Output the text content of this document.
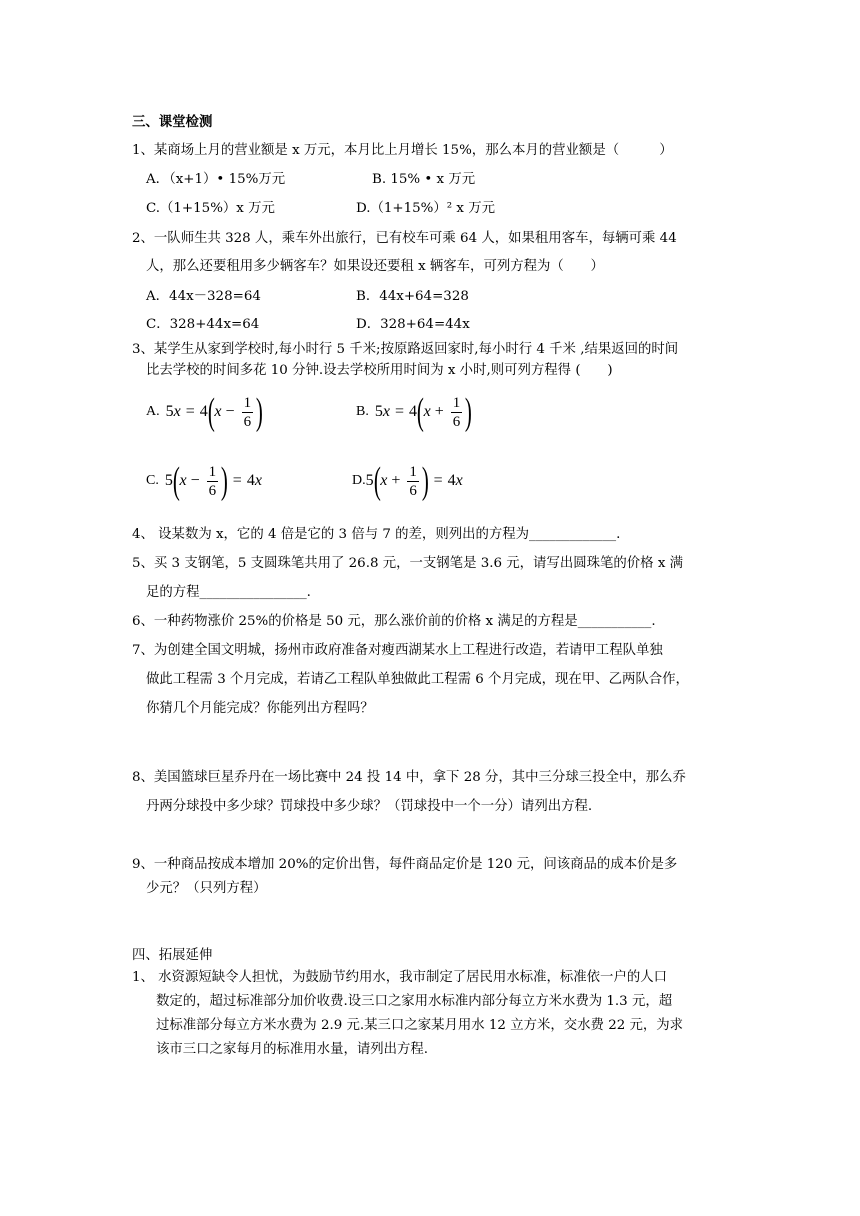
三、课堂检测
1、某商场上月的营业额是 x 万元，本月比上月增长 15%，那么本月的营业额是（　　　）
A．（x+1）• 15%万元	B. 15% • x 万元
C.（1+15%）x 万元	D.（1+15%）² x 万元
2、一队师生共 328 人，乘车外出旅行，已有校车可乘 64 人，如果租用客车，每辆可乘 44
人，那么还要租用多少辆客车？如果设还要租 x 辆客车，可列方程为（　　）
A．44x－328=64	B．44x+64=328
C．328+44x=64	D．328+64=44x
3、某学生从家到学校时,每小时行 5 千米;按原路返回家时,每小时行 4 千米 ,结果返回的时间
比去学校的时间多花 10 分钟.设去学校所用时间为 x 小时,则可列方程得 (　　)
A. 5 x = 4 ( $x - \frac{1}{6}$ )	B. 5 x = 4 ( $x + \frac{1}{6}$ )
C. 5 ( $x - \frac{1}{6}$ ) = 4 x	D. 5 ( $x + \frac{1}{6}$ ) = 4 x
4、 设某数为 x，它的 4 倍是它的 3 倍与 7 的差，则列出的方程为_____________.
5、买 3 支钢笔，5 支圆珠笔共用了 26.8 元，一支钢笔是 3.6 元，请写出圆珠笔的价格 x 满
足的方程________________.
6、一种药物涨价 25%的价格是 50 元，那么涨价前的价格 x 满足的方程是___________.
7、为创建全国文明城，扬州市政府准备对瘦西湖某水上工程进行改造，若请甲工程队单独
做此工程需 3 个月完成，若请乙工程队单独做此工程需 6 个月完成，现在甲、乙两队合作，
你猜几个月能完成？你能列出方程吗？
8、美国篮球巨星乔丹在一场比赛中 24 投 14 中，拿下 28 分，其中三分球三投全中，那么乔
丹两分球投中多少球？罚球投中多少球？（罚球投中一个一分）请列出方程.
9、一种商品按成本增加 20%的定价出售，每件商品定价是 120 元，问该商品的成本价是多
少元？（只列方程）
四、拓展延伸
1、 水资源短缺令人担忧，为鼓励节约用水，我市制定了居民用水标准，标准依一户的人口
数定的，超过标准部分加价收费.设三口之家用水标准内部分每立方米水费为 1.3 元，超
过标准部分每立方米水费为 2.9 元.某三口之家某月用水 12 立方米，交水费 22 元，为求
该市三口之家每月的标准用水量，请列出方程.
